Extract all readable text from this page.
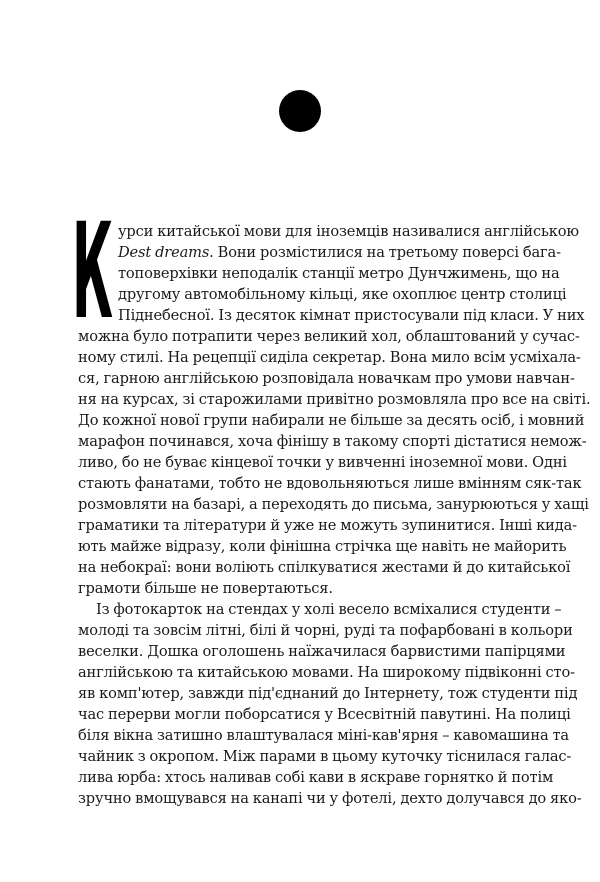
К урси китайської мови для іноземців називалися англійською
Dest dreams. Вони розмістилися на третьому поверсі бага-
топоверхівки неподалік станції метро Дунчжимень, що на
другому автомобільному кільці, яке охоплює центр столиці
Піднебесної. Із десяток кімнат пристосували під класи. У них
можна було потрапити через великий хол, облаштований у сучас-
ному стилі. На рецепції сиділа секретар. Вона мило всім усміхала-
ся, гарною англійською розповідала новачкам про умови навчан-
ня на курсах, зі старожилами привітно розмовляла про все на світі.
До кожної нової групи набирали не більше за десять осіб, і мовний
марафон починався, хоча фінішу в такому спорті дістатися немож-
ливо, бо не буває кінцевої точки у вивченні іноземної мови. Одні
стають фанатами, тобто не вдовольняються лише вмінням сяк-так
розмовляти на базарі, а переходять до письма, занурюються у хащі
граматики та літератури й уже не можуть зупинитися. Інші кида-
ють майже відразу, коли фінішна стрічка ще навіть не майорить
на небокраї: вони воліють спілкуватися жестами й до китайської
грамоти більше не повертаються.
Із фотокарток на стендах у холі весело всміхалися студенти –
молоді та зовсім літні, білі й чорні, руді та пофарбовані в кольори
веселки. Дошка оголошень наїжачилася барвистими папірцями
англійською та китайською мовами. На широкому підвіконні сто-
яв комп'ютер, завжди під'єднаний до Інтернету, тож студенти під
час перерви могли поборсатися у Всесвітній павутині. На полиці
біля вікна затишно влаштувалася міні-кав'ярня – кавомашина та
чайник з окропом. Між парами в цьому куточку тіснилася галас-
лива юрба: хтось наливав собі кави в яскраве горнятко й потім
зручно вмощувався на канапі чи у фотелі, дехто долучався до яко-
